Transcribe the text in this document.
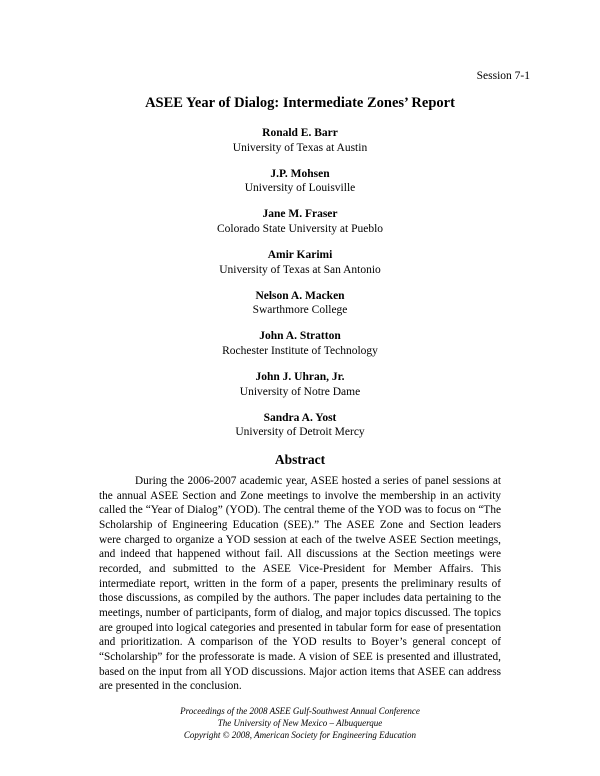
Session 7-1
ASEE Year of Dialog: Intermediate Zones’ Report
Ronald E. Barr
University of Texas at Austin
J.P. Mohsen
University of Louisville
Jane M. Fraser
Colorado State University at Pueblo
Amir Karimi
University of Texas at San Antonio
Nelson A. Macken
Swarthmore College
John A. Stratton
Rochester Institute of Technology
John J. Uhran, Jr.
University of Notre Dame
Sandra A. Yost
University of Detroit Mercy
Abstract

During the 2006-2007 academic year, ASEE hosted a series of panel sessions at the annual ASEE Section and Zone meetings to involve the membership in an activity called the “Year of Dialog” (YOD). The central theme of the YOD was to focus on “The Scholarship of Engineering Education (SEE).” The ASEE Zone and Section leaders were charged to organize a YOD session at each of the twelve ASEE Section meetings, and indeed that happened without fail. All discussions at the Section meetings were recorded, and submitted to the ASEE Vice-President for Member Affairs. This intermediate report, written in the form of a paper, presents the preliminary results of those discussions, as compiled by the authors. The paper includes data pertaining to the meetings, number of participants, form of dialog, and major topics discussed. The topics are grouped into logical categories and presented in tabular form for ease of presentation and prioritization. A comparison of the YOD results to Boyer’s general concept of “Scholarship” for the professorate is made. A vision of SEE is presented and illustrated, based on the input from all YOD discussions. Major action items that ASEE can address are presented in the conclusion.

Proceedings of the 2008 ASEE Gulf-Southwest Annual Conference
The University of New Mexico – Albuquerque
Copyright © 2008, American Society for Engineering Education
